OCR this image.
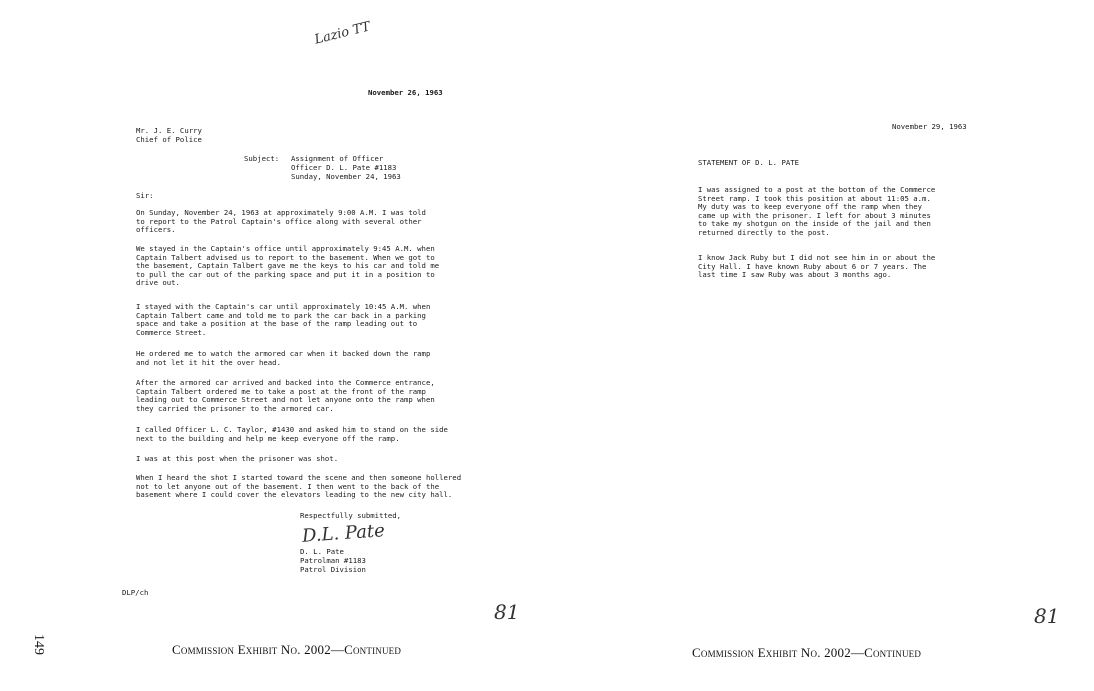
Lazio TT
November 26, 1963
Mr. J. E. Curry
Chief of Police
Subject: Assignment of Officer
Officer D. L. Pate #1183
Sunday, November 24, 1963
Sir:
On Sunday, November 24, 1963 at approximately 9:00 A.M. I was told
to report to the Patrol Captain's office along with several other
officers.
We stayed in the Captain's office until approximately 9:45 A.M. when
Captain Talbert advised us to report to the basement. When we got to
the basement, Captain Talbert gave me the keys to his car and told me
to pull the car out of the parking space and put it in a position to
drive out.
I stayed with the Captain's car until approximately 10:45 A.M. when
Captain Talbert came and told me to park the car back in a parking
space and take a position at the base of the ramp leading out to
Commerce Street.
He ordered me to watch the armored car when it backed down the ramp
and not let it hit the over head.
After the armored car arrived and backed into the Commerce entrance,
Captain Talbert ordered me to take a post at the front of the ramp
leading out to Commerce Street and not let anyone onto the ramp when
they carried the prisoner to the armored car.
I called Officer L. C. Taylor, #1430 and asked him to stand on the side
next to the building and help me keep everyone off the ramp.
I was at this post when the prisoner was shot.
When I heard the shot I started toward the scene and then someone hollered
not to let anyone out of the basement. I then went to the back of the
basement where I could cover the elevators leading to the new city hall.
Respectfully submitted,
D.L. Pate
D. L. Pate
Patrolman #1183
Patrol Division
DLP/ch
81
149	Commission Exhibit No. 2002—Continued
November 29, 1963
STATEMENT OF D. L. PATE
I was assigned to a post at the bottom of the Commerce
Street ramp. I took this position at about 11:05 a.m.
My duty was to keep everyone off the ramp when they
came up with the prisoner. I left for about 3 minutes
to take my shotgun on the inside of the jail and then
returned directly to the post.
I know Jack Ruby but I did not see him in or about the
City Hall. I have known Ruby about 6 or 7 years. The
last time I saw Ruby was about 3 months ago.
81
Commission Exhibit No. 2002—Continued
